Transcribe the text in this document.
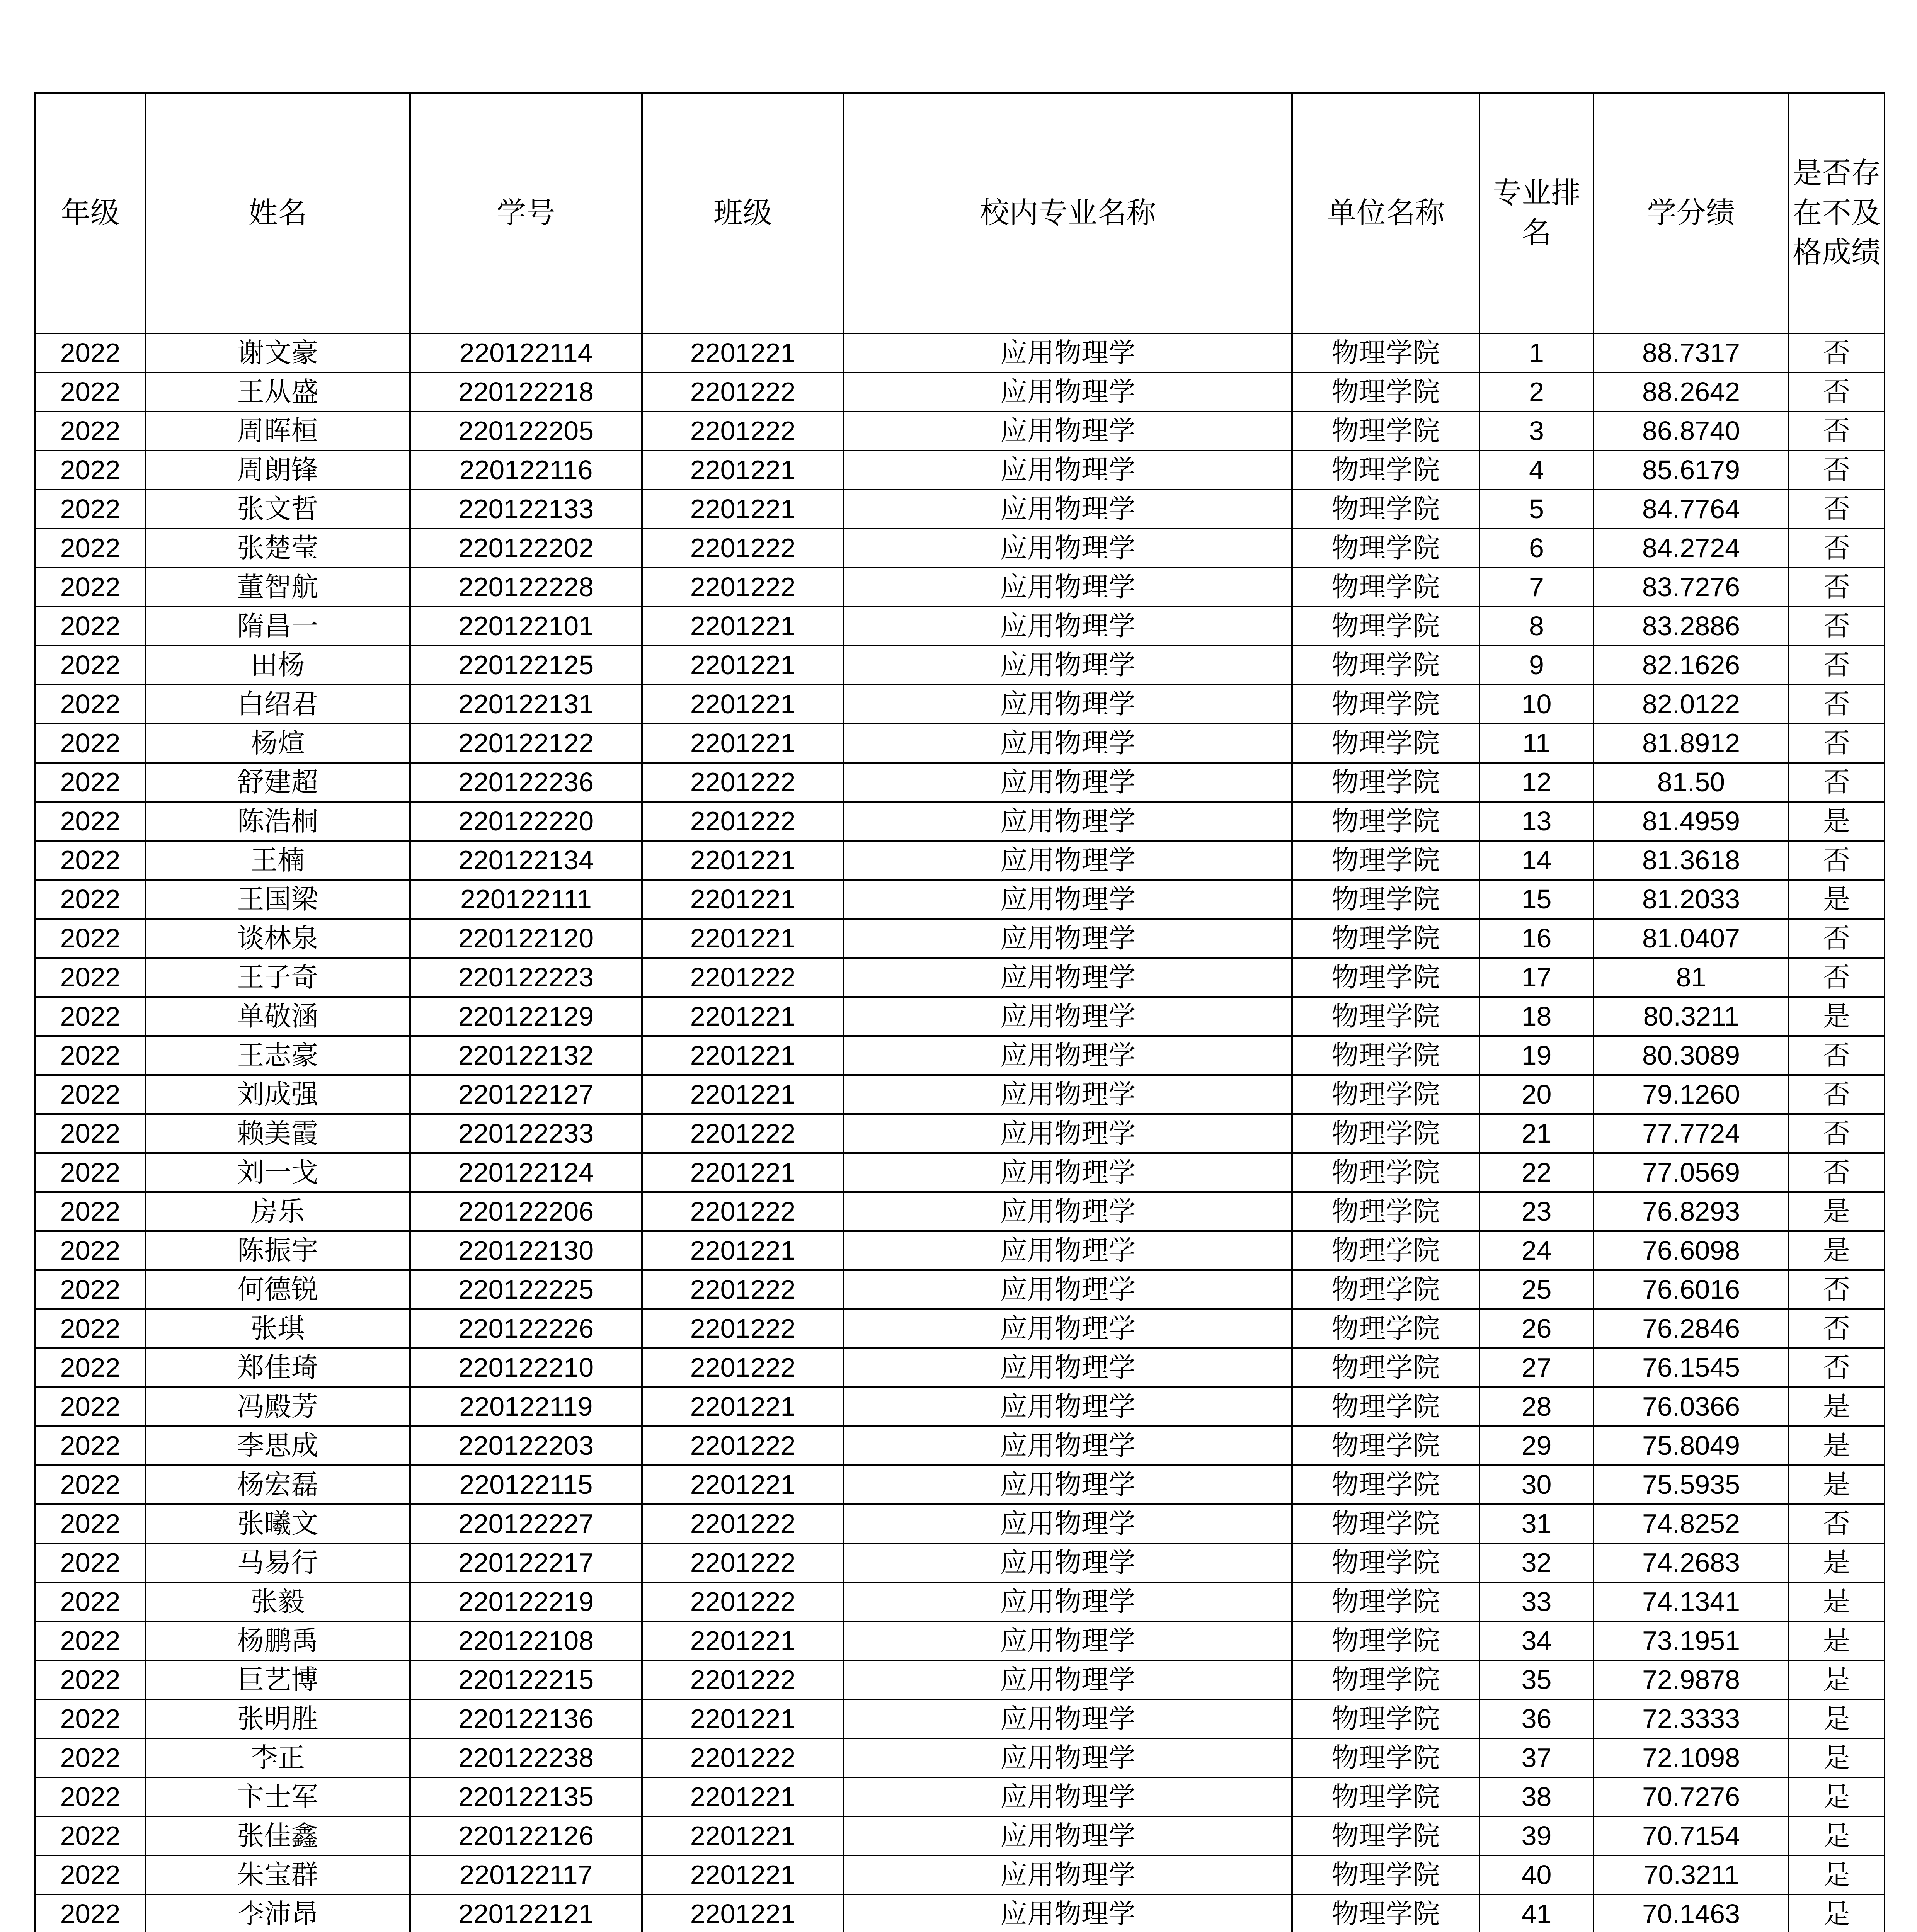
年级	姓名	学号	班级	校内专业名称	单位名称	专业排名	学分绩	是否存在不及格成绩
2022	谢文豪	220122114	2201221	应用物理学	物理学院	1	88.7317	否
2022	王从盛	220122218	2201222	应用物理学	物理学院	2	88.2642	否
2022	周晖桓	220122205	2201222	应用物理学	物理学院	3	86.8740	否
2022	周朗锋	220122116	2201221	应用物理学	物理学院	4	85.6179	否
2022	张文哲	220122133	2201221	应用物理学	物理学院	5	84.7764	否
2022	张楚莹	220122202	2201222	应用物理学	物理学院	6	84.2724	否
2022	董智航	220122228	2201222	应用物理学	物理学院	7	83.7276	否
2022	隋昌一	220122101	2201221	应用物理学	物理学院	8	83.2886	否
2022	田杨	220122125	2201221	应用物理学	物理学院	9	82.1626	否
2022	白绍君	220122131	2201221	应用物理学	物理学院	10	82.0122	否
2022	杨煊	220122122	2201221	应用物理学	物理学院	11	81.8912	否
2022	舒建超	220122236	2201222	应用物理学	物理学院	12	81.50	否
2022	陈浩桐	220122220	2201222	应用物理学	物理学院	13	81.4959	是
2022	王楠	220122134	2201221	应用物理学	物理学院	14	81.3618	否
2022	王国梁	220122111	2201221	应用物理学	物理学院	15	81.2033	是
2022	谈林泉	220122120	2201221	应用物理学	物理学院	16	81.0407	否
2022	王子奇	220122223	2201222	应用物理学	物理学院	17	81	否
2022	单敬涵	220122129	2201221	应用物理学	物理学院	18	80.3211	是
2022	王志豪	220122132	2201221	应用物理学	物理学院	19	80.3089	否
2022	刘成强	220122127	2201221	应用物理学	物理学院	20	79.1260	否
2022	赖美霞	220122233	2201222	应用物理学	物理学院	21	77.7724	否
2022	刘一戈	220122124	2201221	应用物理学	物理学院	22	77.0569	否
2022	房乐	220122206	2201222	应用物理学	物理学院	23	76.8293	是
2022	陈振宇	220122130	2201221	应用物理学	物理学院	24	76.6098	是
2022	何德锐	220122225	2201222	应用物理学	物理学院	25	76.6016	否
2022	张琪	220122226	2201222	应用物理学	物理学院	26	76.2846	否
2022	郑佳琦	220122210	2201222	应用物理学	物理学院	27	76.1545	否
2022	冯殿芳	220122119	2201221	应用物理学	物理学院	28	76.0366	是
2022	李思成	220122203	2201222	应用物理学	物理学院	29	75.8049	是
2022	杨宏磊	220122115	2201221	应用物理学	物理学院	30	75.5935	是
2022	张曦文	220122227	2201222	应用物理学	物理学院	31	74.8252	否
2022	马易行	220122217	2201222	应用物理学	物理学院	32	74.2683	是
2022	张毅	220122219	2201222	应用物理学	物理学院	33	74.1341	是
2022	杨鹏禹	220122108	2201221	应用物理学	物理学院	34	73.1951	是
2022	巨艺博	220122215	2201222	应用物理学	物理学院	35	72.9878	是
2022	张明胜	220122136	2201221	应用物理学	物理学院	36	72.3333	是
2022	李正	220122238	2201222	应用物理学	物理学院	37	72.1098	是
2022	卞士军	220122135	2201221	应用物理学	物理学院	38	70.7276	是
2022	张佳鑫	220122126	2201221	应用物理学	物理学院	39	70.7154	是
2022	朱宝群	220122117	2201221	应用物理学	物理学院	40	70.3211	是
2022	李沛昂	220122121	2201221	应用物理学	物理学院	41	70.1463	是
